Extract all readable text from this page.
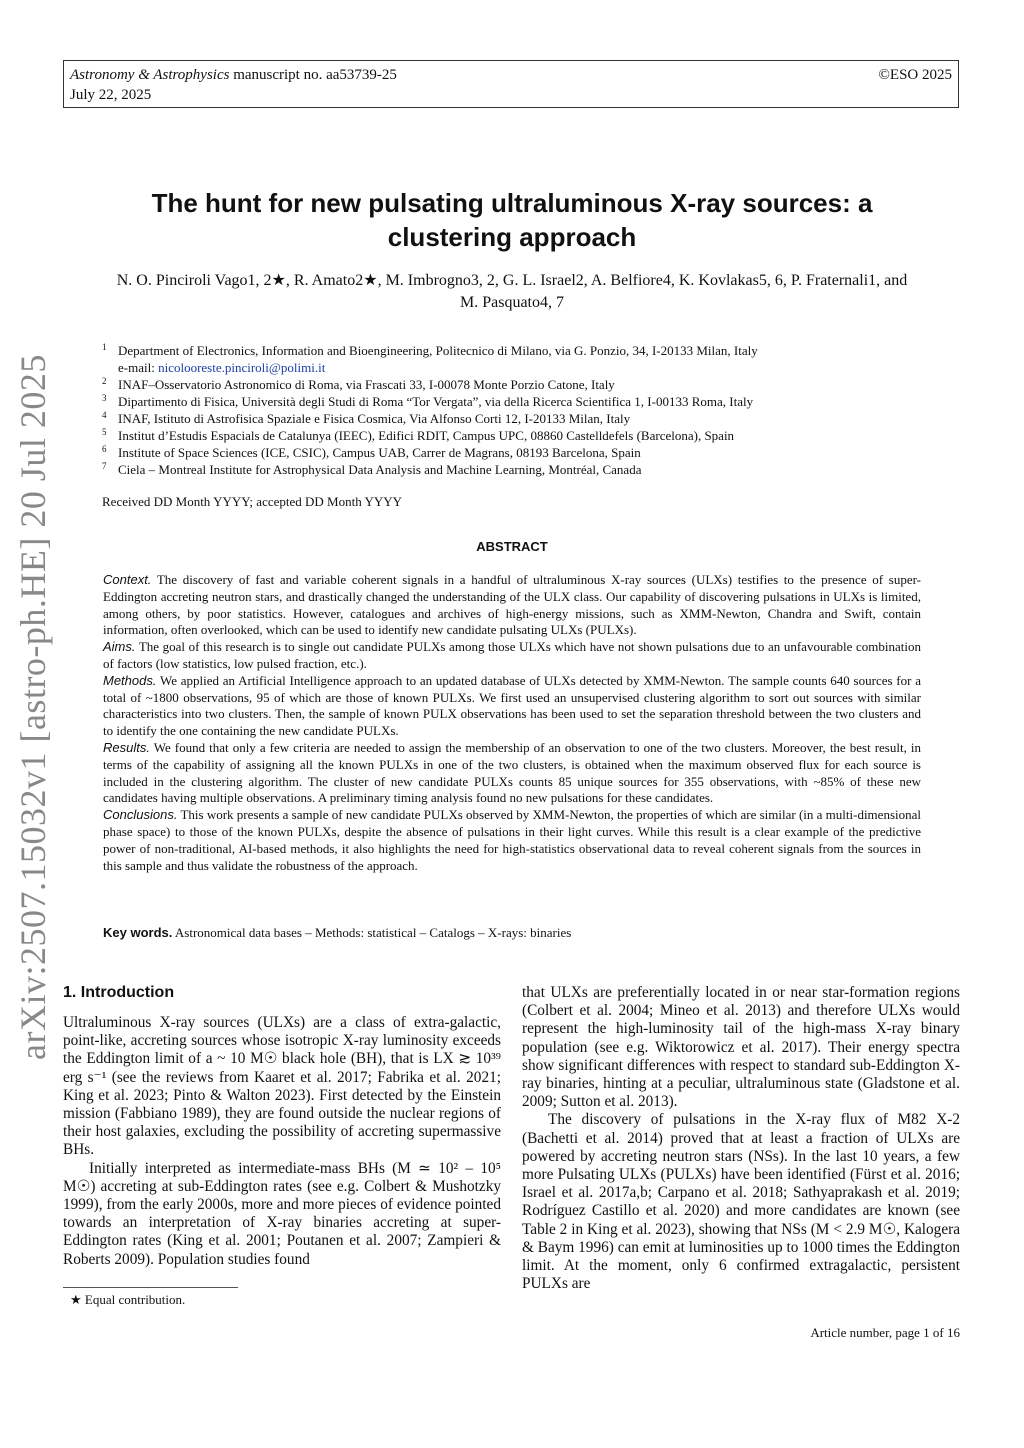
Astronomy & Astrophysics manuscript no. aa53739-25
July 22, 2025
©ESO 2025
arXiv:2507.15032v1 [astro-ph.HE] 20 Jul 2025
The hunt for new pulsating ultraluminous X-ray sources: a clustering approach
N. O. Pinciroli Vago1, 2★, R. Amato2★, M. Imbrogno3, 2, G. L. Israel2, A. Belfiore4, K. Kovlakas5, 6, P. Fraternali1, and
M. Pasquato4, 7
1 Department of Electronics, Information and Bioengineering, Politecnico di Milano, via G. Ponzio, 34, I-20133 Milan, Italy
e-mail: nicolooreste.pinciroli@polimi.it
2 INAF–Osservatorio Astronomico di Roma, via Frascati 33, I-00078 Monte Porzio Catone, Italy
3 Dipartimento di Fisica, Università degli Studi di Roma “Tor Vergata”, via della Ricerca Scientifica 1, I-00133 Roma, Italy
4 INAF, Istituto di Astrofisica Spaziale e Fisica Cosmica, Via Alfonso Corti 12, I-20133 Milan, Italy
5 Institut d’Estudis Espacials de Catalunya (IEEC), Edifici RDIT, Campus UPC, 08860 Castelldefels (Barcelona), Spain
6 Institute of Space Sciences (ICE, CSIC), Campus UAB, Carrer de Magrans, 08193 Barcelona, Spain
7 Ciela – Montreal Institute for Astrophysical Data Analysis and Machine Learning, Montréal, Canada
Received DD Month YYYY; accepted DD Month YYYY
ABSTRACT

Context. The discovery of fast and variable coherent signals in a handful of ultraluminous X-ray sources (ULXs) testifies to the presence of super-Eddington accreting neutron stars, and drastically changed the understanding of the ULX class. Our capability of discovering pulsations in ULXs is limited, among others, by poor statistics. However, catalogues and archives of high-energy missions, such as XMM-Newton, Chandra and Swift, contain information, often overlooked, which can be used to identify new candidate pulsating ULXs (PULXs).

Aims. The goal of this research is to single out candidate PULXs among those ULXs which have not shown pulsations due to an unfavourable combination of factors (low statistics, low pulsed fraction, etc.).

Methods. We applied an Artificial Intelligence approach to an updated database of ULXs detected by XMM-Newton. The sample counts 640 sources for a total of ~1800 observations, 95 of which are those of known PULXs. We first used an unsupervised clustering algorithm to sort out sources with similar characteristics into two clusters. Then, the sample of known PULX observations has been used to set the separation threshold between the two clusters and to identify the one containing the new candidate PULXs.

Results. We found that only a few criteria are needed to assign the membership of an observation to one of the two clusters. Moreover, the best result, in terms of the capability of assigning all the known PULXs in one of the two clusters, is obtained when the maximum observed flux for each source is included in the clustering algorithm. The cluster of new candidate PULXs counts 85 unique sources for 355 observations, with ~85% of these new candidates having multiple observations. A preliminary timing analysis found no new pulsations for these candidates.

Conclusions. This work presents a sample of new candidate PULXs observed by XMM-Newton, the properties of which are similar (in a multi-dimensional phase space) to those of the known PULXs, despite the absence of pulsations in their light curves. While this result is a clear example of the predictive power of non-traditional, AI-based methods, it also highlights the need for high-statistics observational data to reveal coherent signals from the sources in this sample and thus validate the robustness of the approach.

Key words. Astronomical data bases – Methods: statistical – Catalogs – X-rays: binaries
1. Introduction

Ultraluminous X-ray sources (ULXs) are a class of extra-galactic, point-like, accreting sources whose isotropic X-ray luminosity exceeds the Eddington limit of a ~ 10 M☉ black hole (BH), that is LX ≳ 10³⁹ erg s⁻¹ (see the reviews from Kaaret et al. 2017; Fabrika et al. 2021; King et al. 2023; Pinto & Walton 2023). First detected by the Einstein mission (Fabbiano 1989), they are found outside the nuclear regions of their host galaxies, excluding the possibility of accreting supermassive BHs.

Initially interpreted as intermediate-mass BHs (M ≃ 10² – 10⁵ M☉) accreting at sub-Eddington rates (see e.g. Colbert & Mushotzky 1999), from the early 2000s, more and more pieces of evidence pointed towards an interpretation of X-ray binaries accreting at super-Eddington rates (King et al. 2001; Poutanen et al. 2007; Zampieri & Roberts 2009). Population studies found

that ULXs are preferentially located in or near star-formation regions (Colbert et al. 2004; Mineo et al. 2013) and therefore ULXs would represent the high-luminosity tail of the high-mass X-ray binary population (see e.g. Wiktorowicz et al. 2017). Their energy spectra show significant differences with respect to standard sub-Eddington X-ray binaries, hinting at a peculiar, ultraluminous state (Gladstone et al. 2009; Sutton et al. 2013).

The discovery of pulsations in the X-ray flux of M82 X-2 (Bachetti et al. 2014) proved that at least a fraction of ULXs are powered by accreting neutron stars (NSs). In the last 10 years, a few more Pulsating ULXs (PULXs) have been identified (Fürst et al. 2016; Israel et al. 2017a,b; Carpano et al. 2018; Sathyaprakash et al. 2019; Rodríguez Castillo et al. 2020) and more candidates are known (see Table 2 in King et al. 2023), showing that NSs (M < 2.9 M☉, Kalogera & Baym 1996) can emit at luminosities up to 1000 times the Eddington limit. At the moment, only 6 confirmed extragalactic, persistent PULXs are

★ Equal contribution.
Article number, page 1 of 16
